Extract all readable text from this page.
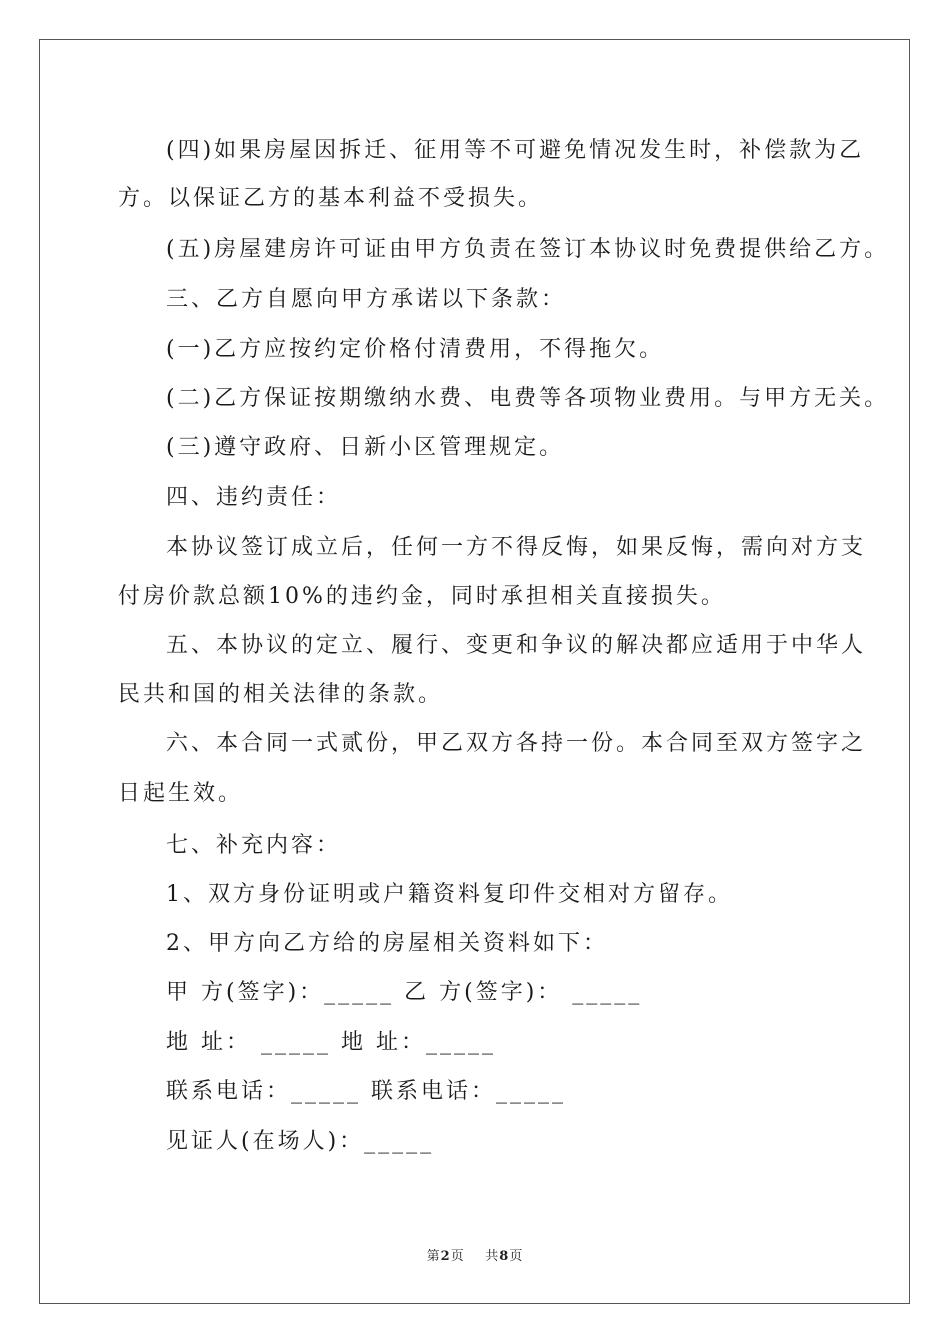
(四)如果房屋因拆迁、征用等不可避免情况发生时，补偿款为乙
方。以保证乙方的基本利益不受损失。
(五)房屋建房许可证由甲方负责在签订本协议时免费提供给乙方。
三、乙方自愿向甲方承诺以下条款：
(一)乙方应按约定价格付清费用，不得拖欠。
(二)乙方保证按期缴纳水费、电费等各项物业费用。与甲方无关。
(三)遵守政府、日新小区管理规定。
四、违约责任：
本协议签订成立后，任何一方不得反悔，如果反悔，需向对方支
付房价款总额10%的违约金，同时承担相关直接损失。
五、本协议的定立、履行、变更和争议的解决都应适用于中华人
民共和国的相关法律的条款。
六、本合同一式贰份，甲乙双方各持一份。本合同至双方签字之
日起生效。
七、补充内容：
1、双方身份证明或户籍资料复印件交相对方留存。
2、甲方向乙方给的房屋相关资料如下：
甲 方(签字)：_____ 乙 方(签字)： _____
地 址： _____ 地 址：_____
联系电话：_____ 联系电话：_____
见证人(在场人)：_____
第2页 共8页
